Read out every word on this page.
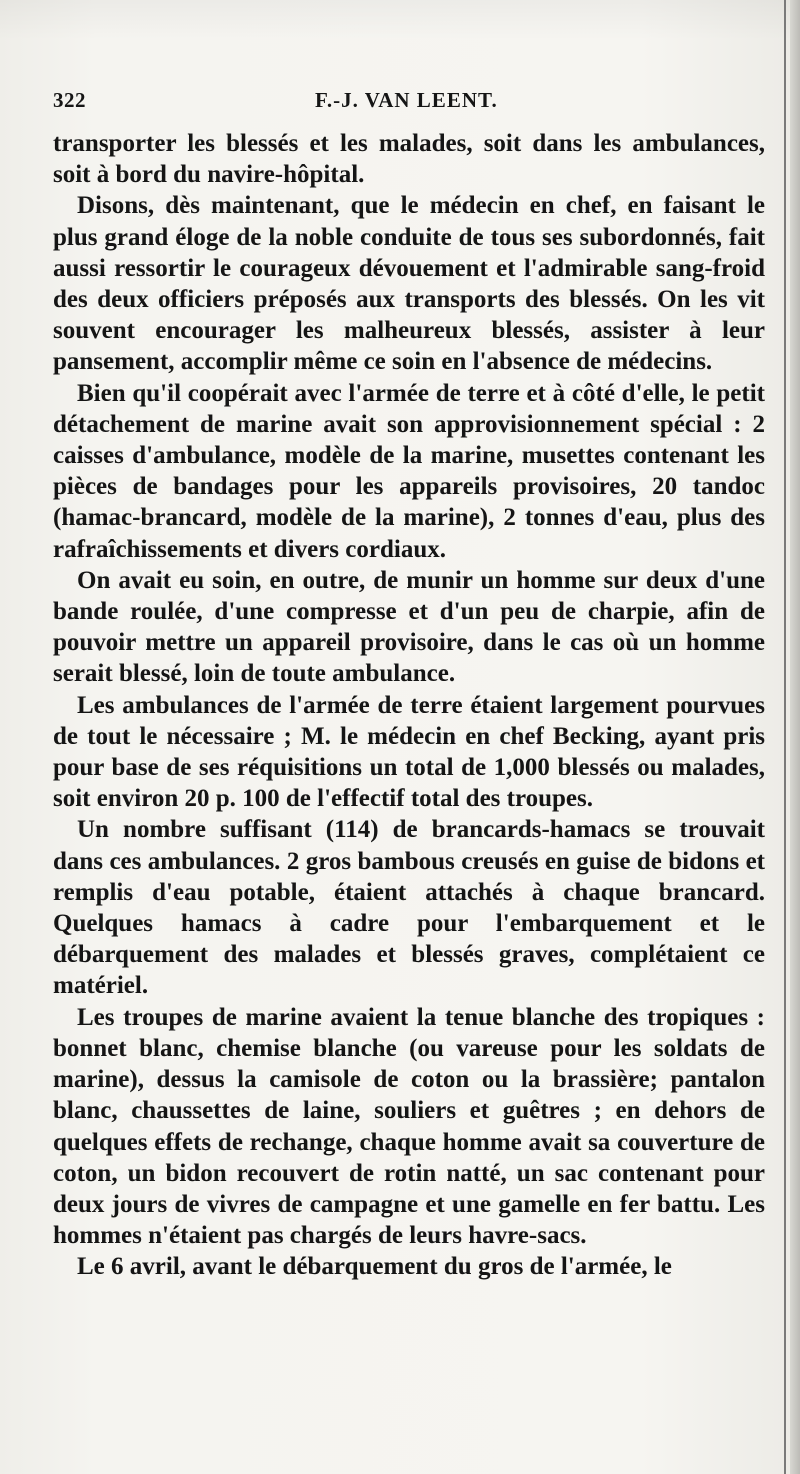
322	F.-J. VAN LEENT.

transporter les blessés et les malades, soit dans les ambulances, soit à bord du navire-hôpital.

Disons, dès maintenant, que le médecin en chef, en faisant le plus grand éloge de la noble conduite de tous ses subordonnés, fait aussi ressortir le courageux dévouement et l'admirable sang-froid des deux officiers préposés aux transports des blessés. On les vit souvent encourager les malheureux blessés, assister à leur pansement, accomplir même ce soin en l'absence de médecins.

Bien qu'il coopérait avec l'armée de terre et à côté d'elle, le petit détachement de marine avait son approvisionnement spécial : 2 caisses d'ambulance, modèle de la marine, musettes contenant les pièces de bandages pour les appareils provisoires, 20 tandoc (hamac-brancard, modèle de la marine), 2 tonnes d'eau, plus des rafraîchissements et divers cordiaux.

On avait eu soin, en outre, de munir un homme sur deux d'une bande roulée, d'une compresse et d'un peu de charpie, afin de pouvoir mettre un appareil provisoire, dans le cas où un homme serait blessé, loin de toute ambulance.

Les ambulances de l'armée de terre étaient largement pourvues de tout le nécessaire ; M. le médecin en chef Becking, ayant pris pour base de ses réquisitions un total de 1,000 blessés ou malades, soit environ 20 p. 100 de l'effectif total des troupes.

Un nombre suffisant (114) de brancards-hamacs se trouvait dans ces ambulances. 2 gros bambous creusés en guise de bidons et remplis d'eau potable, étaient attachés à chaque brancard. Quelques hamacs à cadre pour l'embarquement et le débarquement des malades et blessés graves, complétaient ce matériel.

Les troupes de marine avaient la tenue blanche des tropiques : bonnet blanc, chemise blanche (ou vareuse pour les soldats de marine), dessus la camisole de coton ou la brassière; pantalon blanc, chaussettes de laine, souliers et guêtres ; en dehors de quelques effets de rechange, chaque homme avait sa couverture de coton, un bidon recouvert de rotin natté, un sac contenant pour deux jours de vivres de campagne et une gamelle en fer battu. Les hommes n'étaient pas chargés de leurs havre-sacs.

Le 6 avril, avant le débarquement du gros de l'armée, le
